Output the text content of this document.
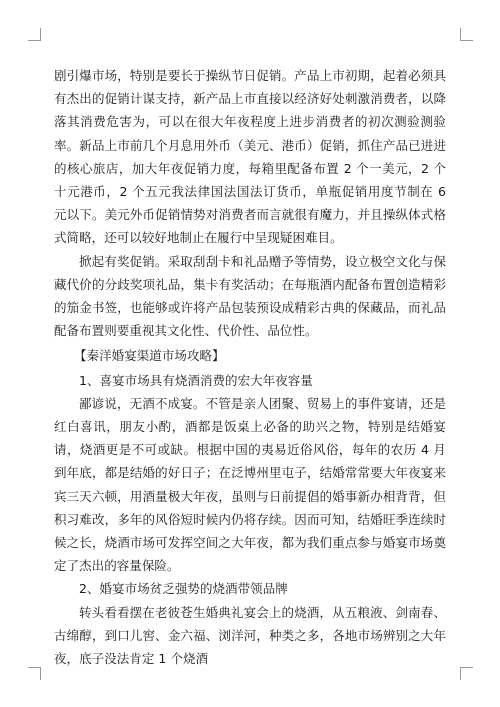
剧引爆市场，特别是要长于操纵节日促销。产品上市初期，起着必须具有杰出的促销计谋支持，新产品上市直接以经济好处刺激消费者，以降落其消费危害为，可以在很大年夜程度上进步消费者的初次测验测验率。新品上市前几个月息用外币（美元、港币）促销，抓住产品已进进的核心旅店，加大年夜促销力度，每箱里配备布置 2 个一美元，2 个十元港币，2 个五元我法律国法国法订货币，单瓶促销用度节制在 6 元以下。美元外币促销情势对消费者而言就很有魔力，并且操纵体式格式简略，还可以较好地制止在履行中呈现疑困难目。

掀起有奖促销。采取刮刮卡和礼品赠予等情势，设立极空文化与保藏代价的分歧奖项礼品，集卡有奖活动；在每瓶酒内配备布置创造精彩的笳金书签，也能够或许将产品包装预设成精彩古典的保藏品，而礼品配备布置则要重视其文化性、代价性、品位性。

【秦洋婚宴渠道市场攻略】

1、喜宴市场具有烧酒消费的宏大年夜容量

鄙谚说，无酒不成宴。不管是亲人团聚、贸易上的事件宴请，还是红白喜讯，朋友小酌，酒都是饭桌上必备的助兴之物，特别是结婚宴请，烧酒更是不可或缺。根据中国的夷易近俗风俗，每年的农历 4 月到年底，都是结婚的好日子；在泛博州里屯子，结婚常常要大年夜宴来宾三天六顿，用酒量极大年夜，虽则与日前提倡的婚事新办相背背，但积习难改，多年的风俗短时候内仍将存续。因而可知，结婚旺季连续时候之长，烧酒市场可发挥空间之大年夜，都为我们重点参与婚宴市场奠定了杰出的容量保险。

2、婚宴市场贫乏强势的烧酒带领品牌

转头看看摆在老彼苍生婚典礼宴会上的烧酒，从五粮液、剑南春、古绵醇，到口儿窖、金六福、浏洋河，种类之多，各地市场辨别之大年夜，底子没法肯定 1 个烧酒
